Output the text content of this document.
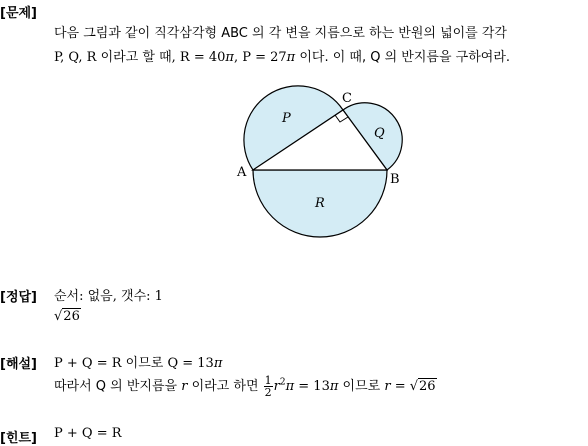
[문제]
다음 그림과 같이 직각삼각형 ABC 의 각 변을 지름으로 하는 반원의 넓이를 각각
P, Q, R 이라고 할 때, R = 40π, P = 27π 이다. 이 때, Q 의 반지름을 구하여라.
A	B
C
P
Q
R
[정답] 순서: 없음, 갯수: 1
√26
[해설] P + Q = R 이므로 Q = 13π
따라서 Q 의 반지름을 r 이라고 하면 $\frac{1}{2} r^2\pi = 13\pi$ 이므로 r = √26
[힌트] P + Q = R
